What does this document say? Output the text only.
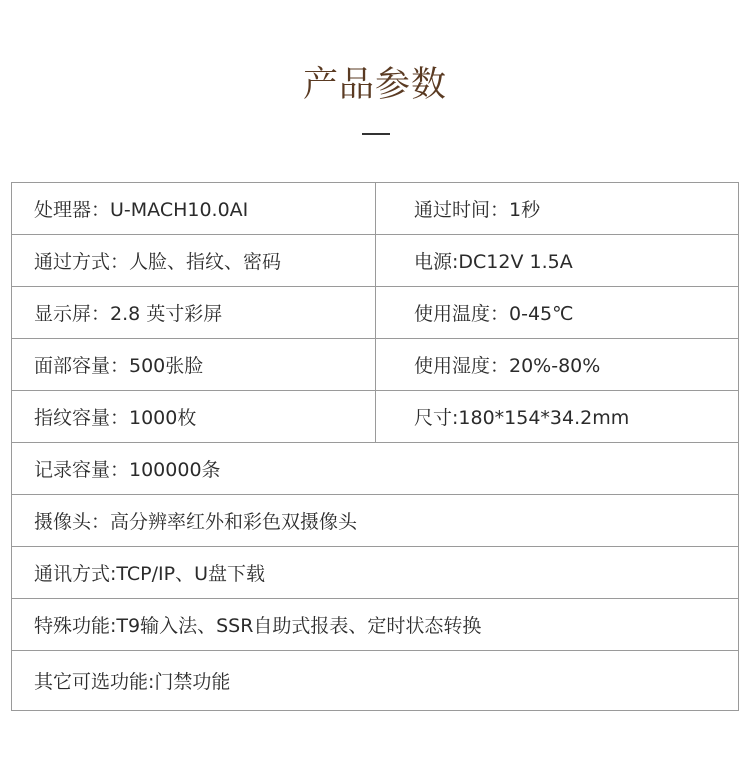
产品参数
处理器：U-MACH10.0AI	通过时间：1秒
通过方式：人脸、指纹、密码	电源:DC12V 1.5A
显示屏：2.8 英寸彩屏	使用温度：0-45℃
面部容量：500张脸	使用湿度：20%-80%
指纹容量：1000枚	尺寸:180*154*34.2mm
记录容量：100000条	
摄像头：高分辨率红外和彩色双摄像头	
通讯方式:TCP/IP、U盘下载	
特殊功能:T9输入法、SSR自助式报表、定时状态转换	
其它可选功能:门禁功能	
